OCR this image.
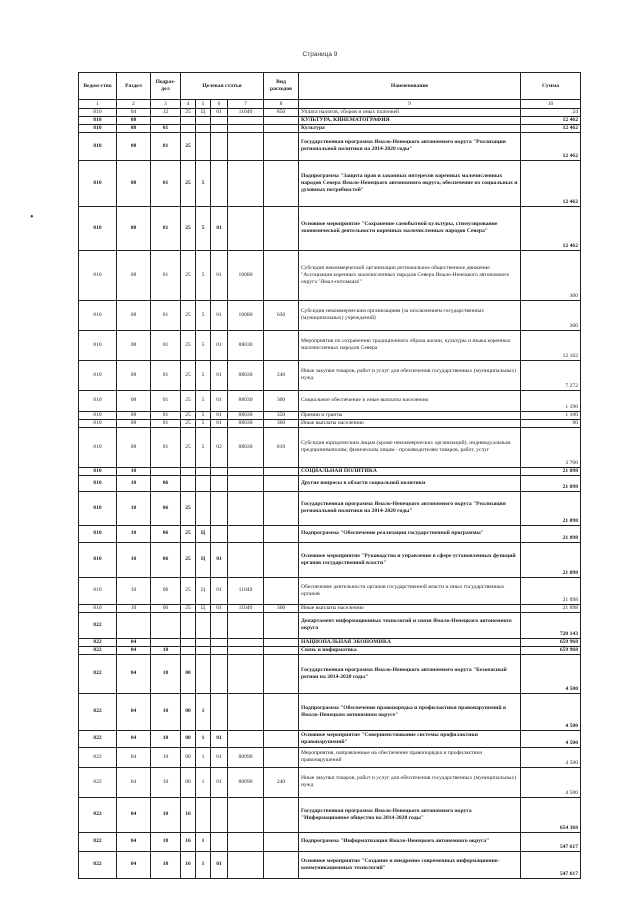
Страница 9
•
Ведом-ство	Раздел	Подраз-дел	Целевая статья				Вид расходов	Наименование	Сумма
1	2	3	4	5	6	7	8	9	10
810	04	12	25	Ц	01	11040	850	Уплата налогов, сборов и иных платежей	24
810	08							КУЛЬТУРА, КИНЕМАТОГРАФИЯ	12 462
810	08	01						Культура	12 462
810	08	01	25					Государственная программа Ямало-Ненецкого автономного округа "Реализация региональной политики на 2014-2020 годы"	12 462
810	08	01	25	5				Подпрограмма "Защита прав и законных интересов коренных малочисленных народов Севера Ямало-Ненецкого автономного округа, обеспечение их социальных и духовных потребностей"	12 462
810	08	01	25	5	01			Основное мероприятие "Сохранение самобытной культуры, стимулирование экономической деятельности коренных малочисленных народов Севера"	12 462
810	08	01	25	5	01	16080		Субсидия некоммерческой организации региональное общественное движение "Ассоциация коренных малочисленных народов Севера Ямало-Ненецкого автономного округа "Ямал-потомкам!"	300
810	08	01	25	5	01	16080	630	Субсидии некоммерческим организациям (за исключением государственных (муниципальных) учреждений)	300
810	08	01	25	5	01	88030		Мероприятия по сохранению традиционного образа жизни, культуры и языка коренных малочисленных народов Севера	12 162
810	08	01	25	5	01	88030	240	Иные закупки товаров, работ и услуг для обеспечения государственных (муниципальных) нужд	7 272
810	08	01	25	5	01	88030	300	Социальное обеспечение и иные выплаты населению	1 190
810	08	01	25	5	01	88030	350	Премии и гранты	1 100
810	08	01	25	5	01	88030	360	Иные выплаты населению	90
810	08	01	25	5	02	88030	810	Субсидии юридическим лицам (кроме некоммерческих организаций), индивидуальным предпринимателям, физическим лицам - производителям товаров, работ, услуг	3 700
810	10							СОЦИАЛЬНАЯ ПОЛИТИКА	21 098
810	10	06						Другие вопросы в области социальной политики	21 098
810	10	06	25					Государственная программа Ямало-Ненецкого автономного округа "Реализация региональной политики на 2014-2020 годы"	21 098
810	10	06	25	Ц				Подпрограмма "Обеспечение реализации государственной программы"	21 098
810	10	06	25	Ц	01			Основное мероприятие "Руководство и управление в сфере установленных функций органов государственной власти"	21 098
810	10	06	25	Ц	01	11040		Обеспечение деятельности органов государственной власти и иных государственных органов	21 098
810	10	06	25	Ц	01	11040	360	Иные выплаты населению	21 098
822								Департамент информационных технологий и связи Ямало-Ненецкого автономного округа	720 143
822	04							НАЦИОНАЛЬНАЯ ЭКОНОМИКА	659 968
822	04	10						Связь и информатика	659 968
822	04	10	08					Государственная программа Ямало-Ненецкого автономного округа "Безопасный регион на 2014-2020 годы"	4 500
822	04	10	08	1				Подпрограмма "Обеспечение правопорядка и профилактики правонарушений в Ямало-Ненецком автономном округе"	4 500
822	04	10	08	1	01			Основное мероприятие "Совершенствование системы профилактики правонарушений"	4 500
822	04	10	08	1	01	80090		Мероприятия, направленные на обеспечение правопорядка и профилактики правонарушений	4 500
822	04	10	08	1	01	80090	240	Иные закупки товаров, работ и услуг для обеспечения государственных (муниципальных) нужд	4 500
822	04	10	16					Государственная программа Ямало-Ненецкого автономного округа "Информационное общество на 2014-2020 годы"	654 368
822	04	10	16	1				Подпрограмма "Информатизация Ямало-Ненецкого автономного округа"	547 617
822	04	10	16	1	01			Основное мероприятие "Создание и внедрение современных информационно-коммуникационных технологий"	547 617
